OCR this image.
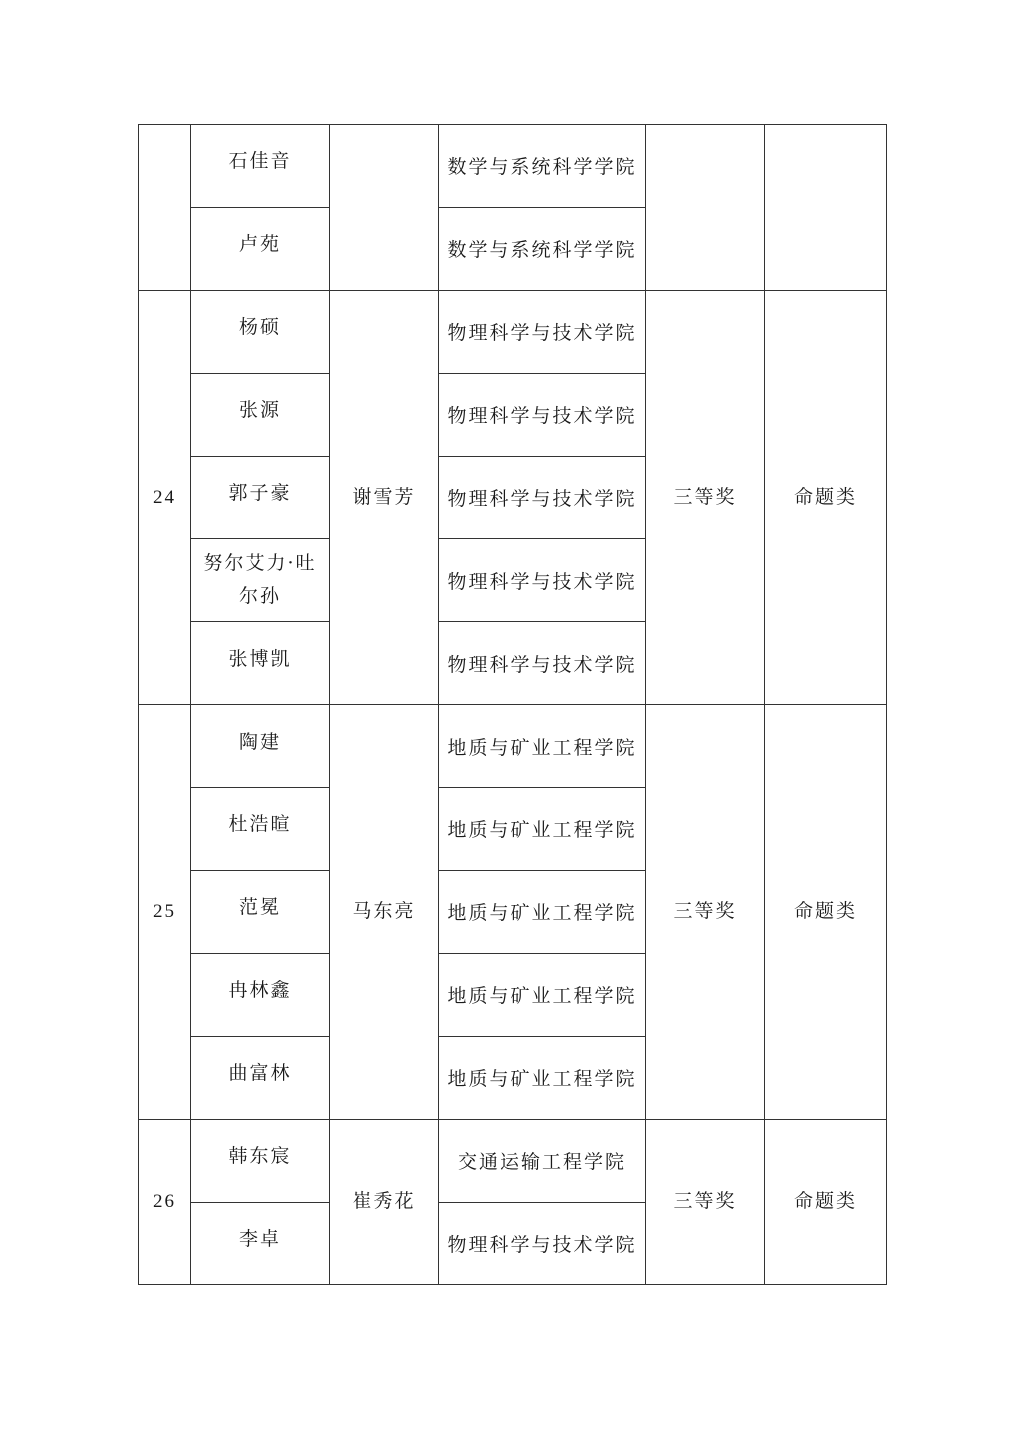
	石佳音		数学与系统科学学院		
	卢苑		数学与系统科学学院		
24	杨硕	谢雪芳	物理科学与技术学院	三等奖	命题类
	张源		物理科学与技术学院		
	郭子豪		物理科学与技术学院		
	努尔艾力·吐尔孙		物理科学与技术学院		
	张博凯		物理科学与技术学院		
25	陶建	马东亮	地质与矿业工程学院	三等奖	命题类
	杜浩暄		地质与矿业工程学院		
	范冕		地质与矿业工程学院		
	冉林鑫		地质与矿业工程学院		
	曲富林		地质与矿业工程学院		
26	韩东宸	崔秀花	交通运输工程学院	三等奖	命题类
	李卓		物理科学与技术学院		
